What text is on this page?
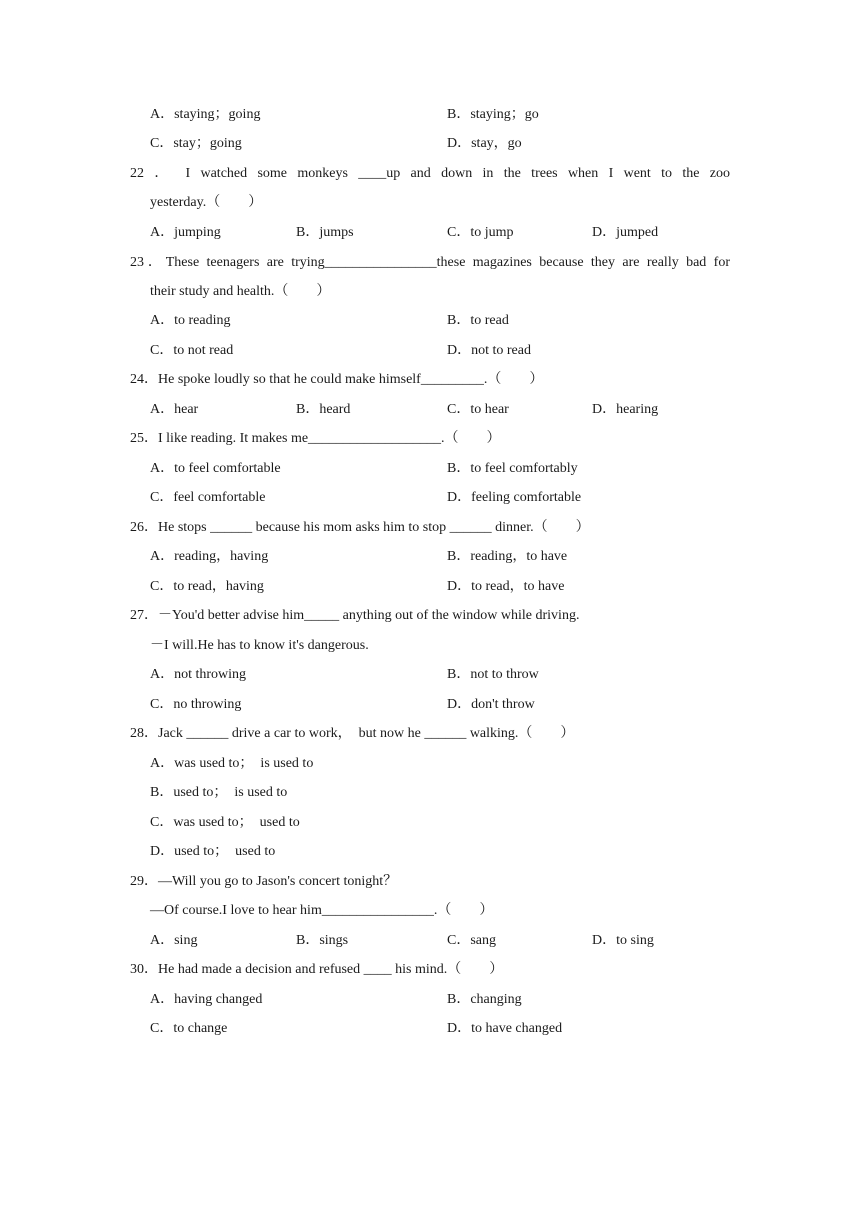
A．staying；going	B．staying；go
C．stay；going	D．stay，go
22 ． I watched some monkeys ____up and down in the trees when I went to the zoo
yesterday.（　　）
A．jumping	B．jumps	C．to jump	D．jumped
23．These teenagers are trying________________these magazines because they are really bad for
their study and health.（　　）
A．to reading	B．to read
C．to not read	D．not to read
24．He spoke loudly so that he could make himself_________.（　　）
A．hear	B．heard	C．to hear	D．hearing
25．I like reading. It makes me___________________.（　　）
A．to feel comfortable	B．to feel comfortably
C．feel comfortable	D．feeling comfortable
26．He stops ______ because his mom asks him to stop ______ dinner.（　　）
A．reading，having	B．reading，to have
C．to read，having	D．to read，to have
27．－You'd better advise him_____ anything out of the window while driving.
－I will.He has to know it's dangerous.
A．not throwing	B．not to throw
C．no throwing	D．don't throw
28．Jack ______ drive a car to work，  but now he ______ walking.（　　）
A．was used to；  is used to
B．used to；  is used to
C．was used to；  used to
D．used to；  used to
29．—Will you go to Jason's concert tonight？
—Of course.I love to hear him________________.（　　）
A．sing	B．sings	C．sang	D．to sing
30．He had made a decision and refused ____ his mind.（　　）
A．having changed	B．changing
C．to change	D．to have changed
